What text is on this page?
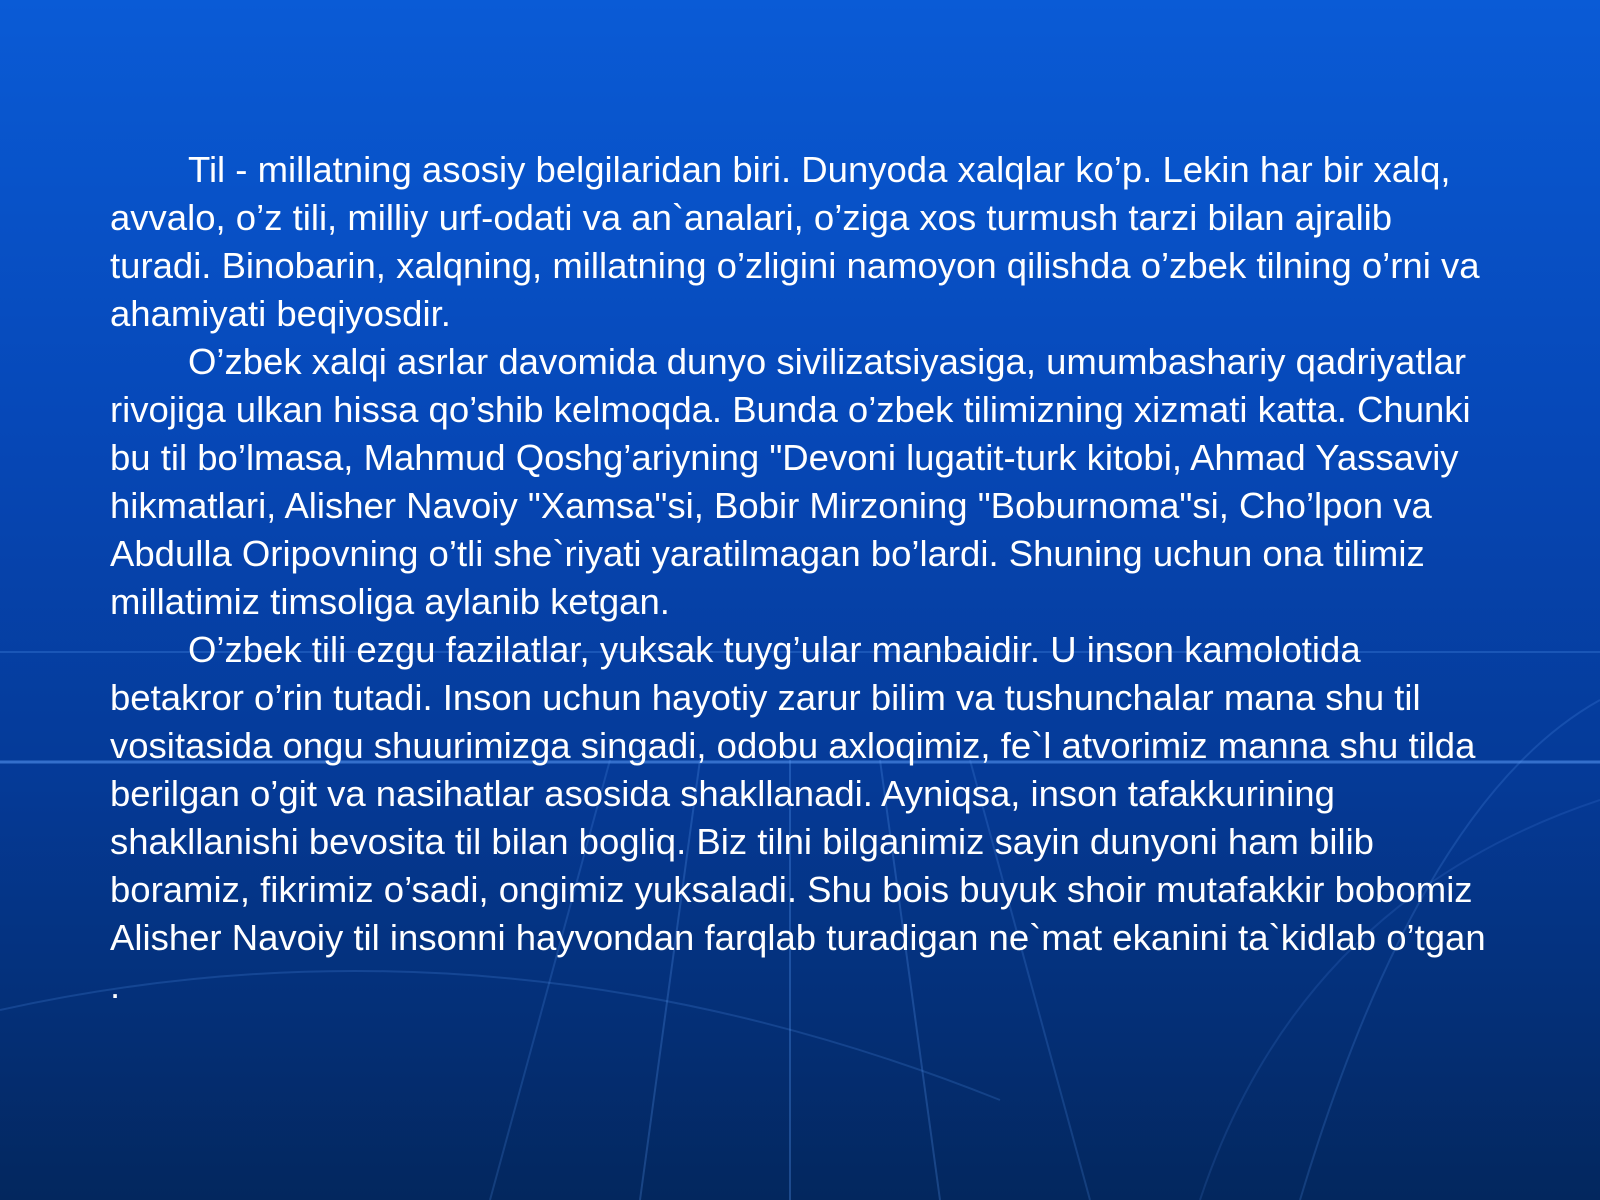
Til - millatning asosiy belgilaridan biri. Dunyoda xalqlar ko’p. Lekin har bir xalq, avvalo, o’z tili, milliy urf-odati va an`analari, o’ziga xos turmush tarzi bilan ajralib turadi. Binobarin, xalqning, millatning o’zligini namoyon qilishda o’zbek tilning o’rni va ahamiyati beqiyosdir.

O’zbek xalqi asrlar davomida dunyo sivilizatsiyasiga, umumbashariy qadriyatlar rivojiga ulkan hissa qo’shib kelmoqda. Bunda o’zbek tilimizning xizmati katta. Chunki bu til bo’lmasa, Mahmud Qoshg’ariyning "Devoni lugatit-turk kitobi, Ahmad Yassaviy hikmatlari, Alisher Navoiy "Xamsa"si, Bobir Mirzoning "Boburnoma"si, Cho’lpon va Abdulla Oripovning o’tli she`riyati yaratilmagan bo’lardi. Shuning uchun ona tilimiz millatimiz timsoliga aylanib ketgan.

O’zbek tili ezgu fazilatlar, yuksak tuyg’ular manbaidir. U inson kamolotida betakror o’rin tutadi. Inson uchun hayotiy zarur bilim va tushunchalar mana shu til vositasida ongu shuurimizga singadi, odobu axloqimiz, fe`l atvorimiz manna shu tilda berilgan o’git va nasihatlar asosida shakllanadi. Ayniqsa, inson tafakkurining shakllanishi bevosita til bilan bogliq. Biz tilni bilganimiz sayin dunyoni ham bilib boramiz, fikrimiz o’sadi, ongimiz yuksaladi. Shu bois buyuk shoir mutafakkir bobomiz Alisher Navoiy til insonni hayvondan farqlab turadigan ne`mat ekanini ta`kidlab o’tgan .
